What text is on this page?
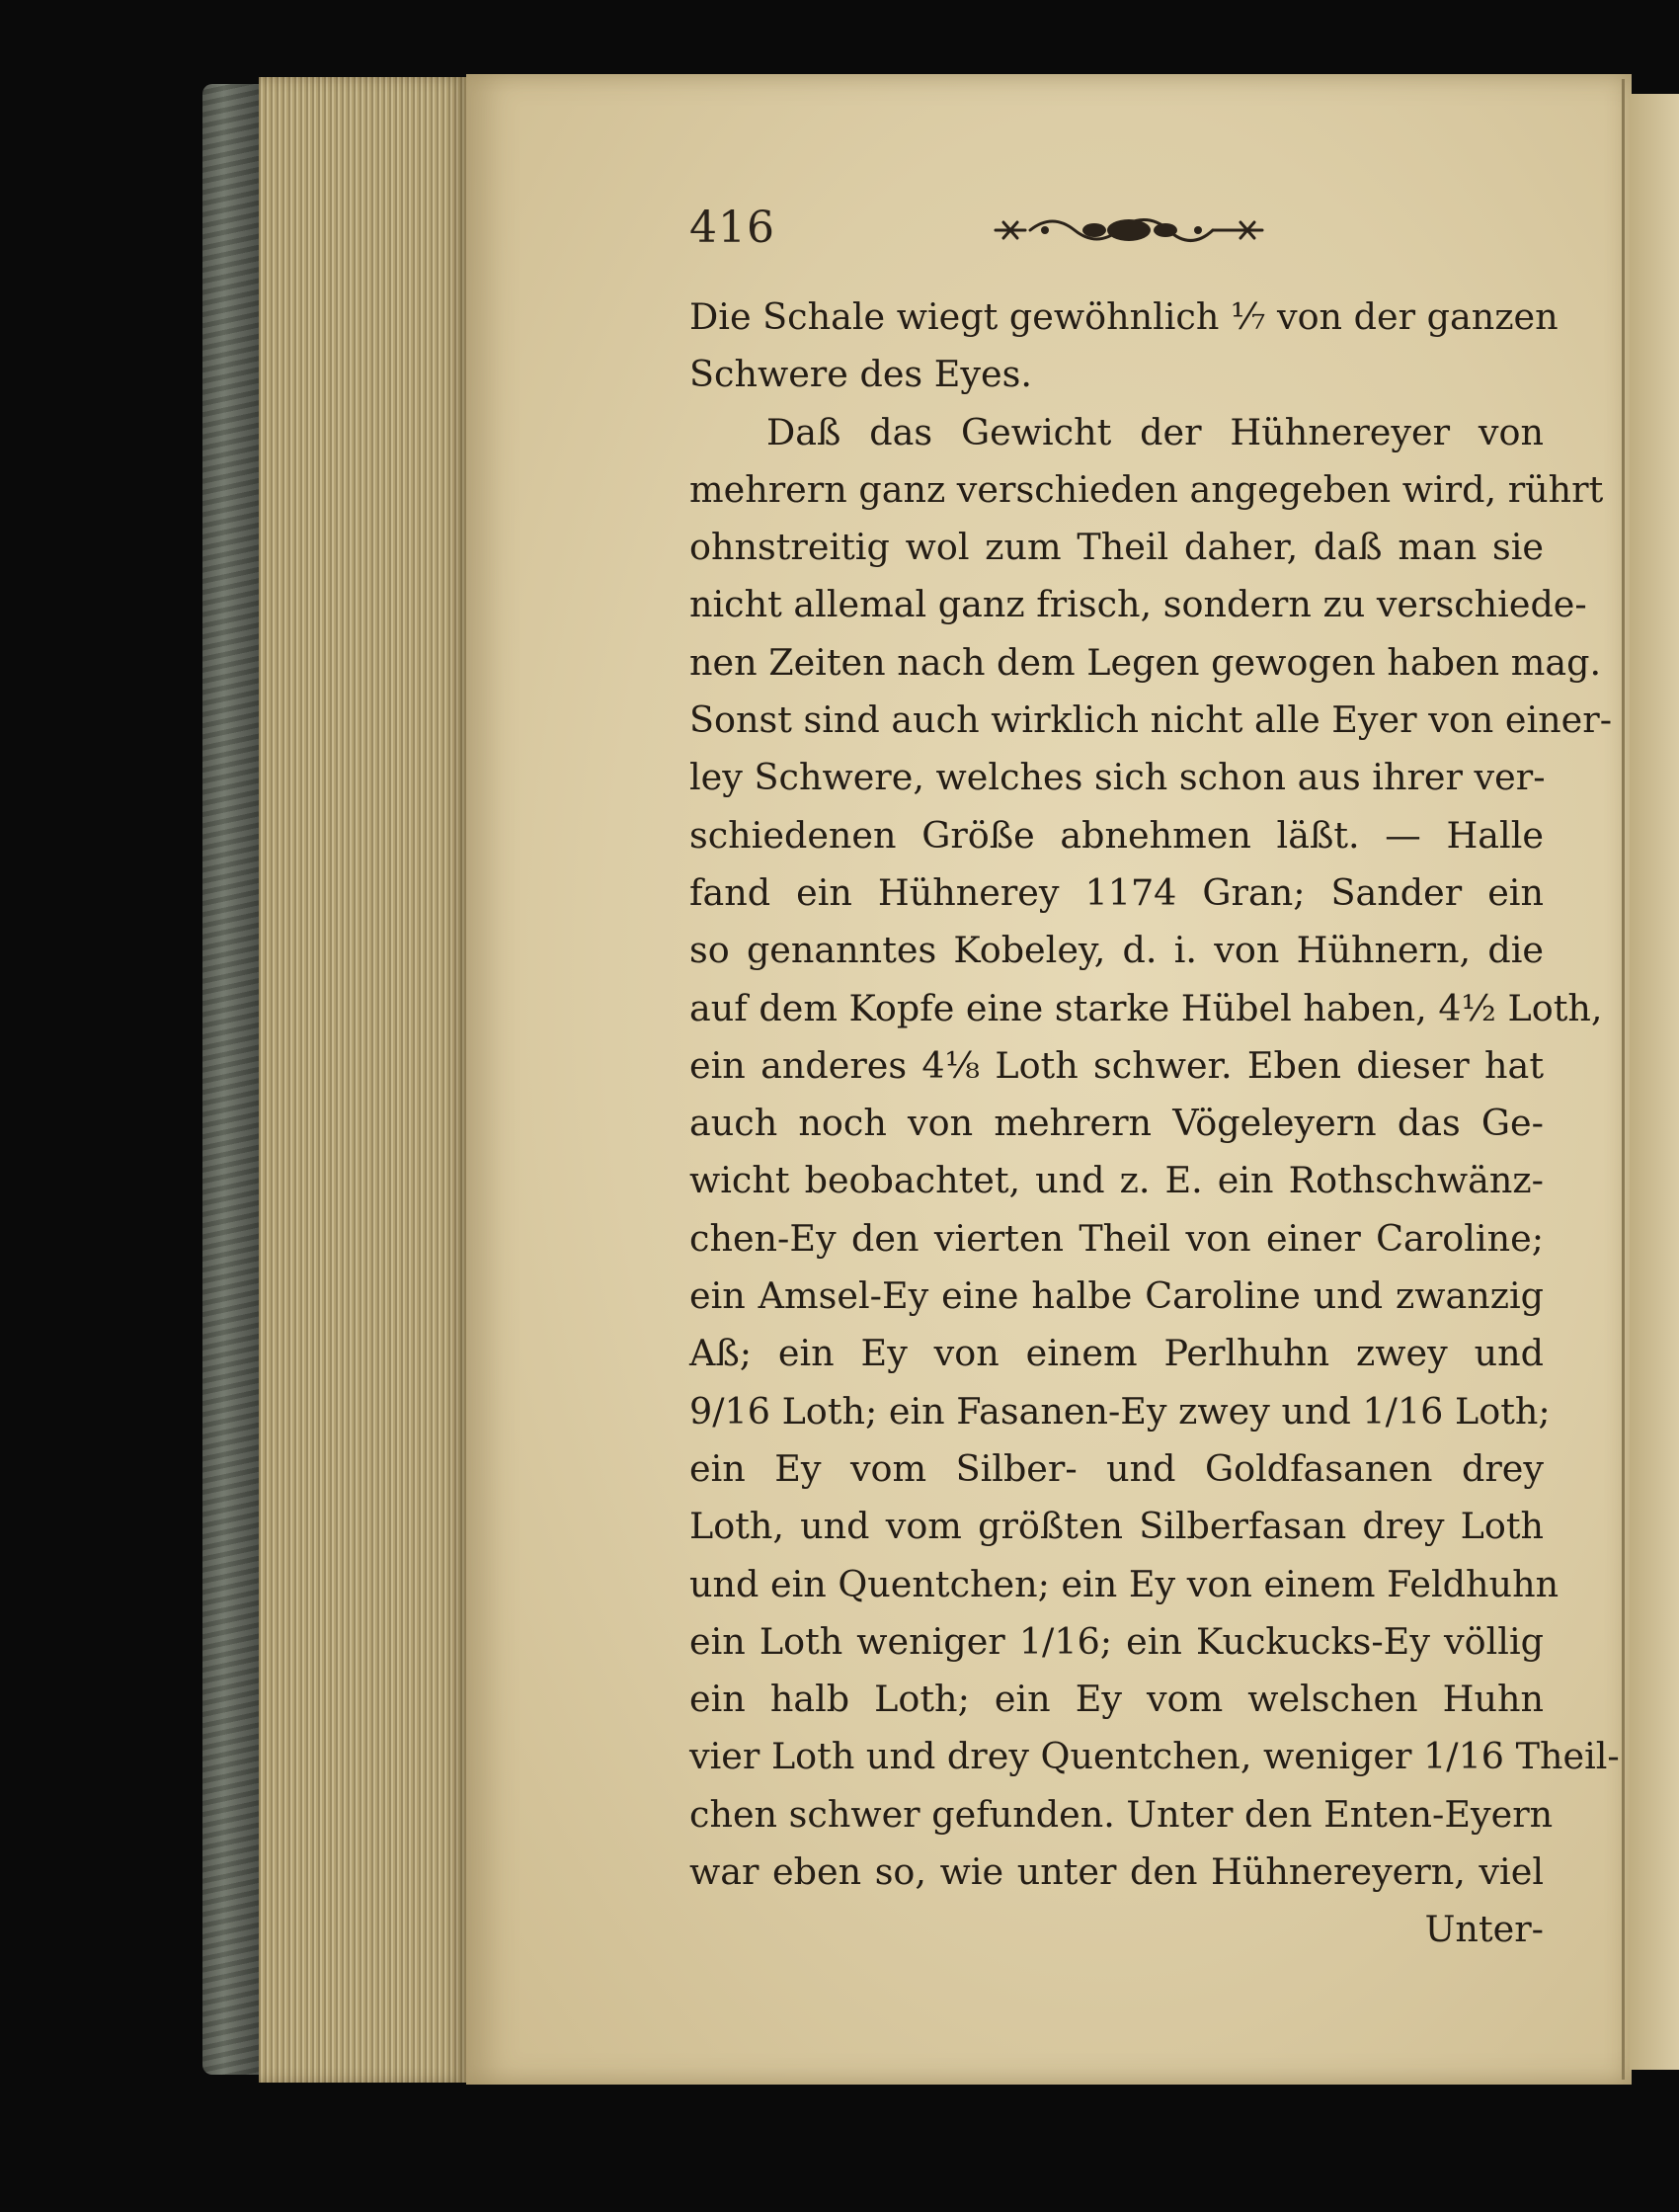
416
Die Schale wiegt gewöhnlich ⅐ von der ganzen
Schwere des Eyes.
Daß das Gewicht der Hühnereyer von
mehrern ganz verschieden angegeben wird, rührt
ohnstreitig wol zum Theil daher, daß man sie
nicht allemal ganz frisch, sondern zu verschiede-
nen Zeiten nach dem Legen gewogen haben mag.
Sonst sind auch wirklich nicht alle Eyer von einer-
ley Schwere, welches sich schon aus ihrer ver-
schiedenen Größe abnehmen läßt. — Halle
fand ein Hühnerey 1174 Gran; Sander ein
so genanntes Kobeley, d. i. von Hühnern, die
auf dem Kopfe eine starke Hübel haben, 4½ Loth,
ein anderes 4⅛ Loth schwer. Eben dieser hat
auch noch von mehrern Vögeleyern das Ge-
wicht beobachtet, und z. E. ein Rothschwänz-
chen-Ey den vierten Theil von einer Caroline;
ein Amsel-Ey eine halbe Caroline und zwanzig
Aß; ein Ey von einem Perlhuhn zwey und
9/16 Loth; ein Fasanen-Ey zwey und 1/16 Loth;
ein Ey vom Silber- und Goldfasanen drey
Loth, und vom größten Silberfasan drey Loth
und ein Quentchen; ein Ey von einem Feldhuhn
ein Loth weniger 1/16; ein Kuckucks-Ey völlig
ein halb Loth; ein Ey vom welschen Huhn
vier Loth und drey Quentchen, weniger 1/16 Theil-
chen schwer gefunden. Unter den Enten-Eyern
war eben so, wie unter den Hühnereyern, viel
Unter-
